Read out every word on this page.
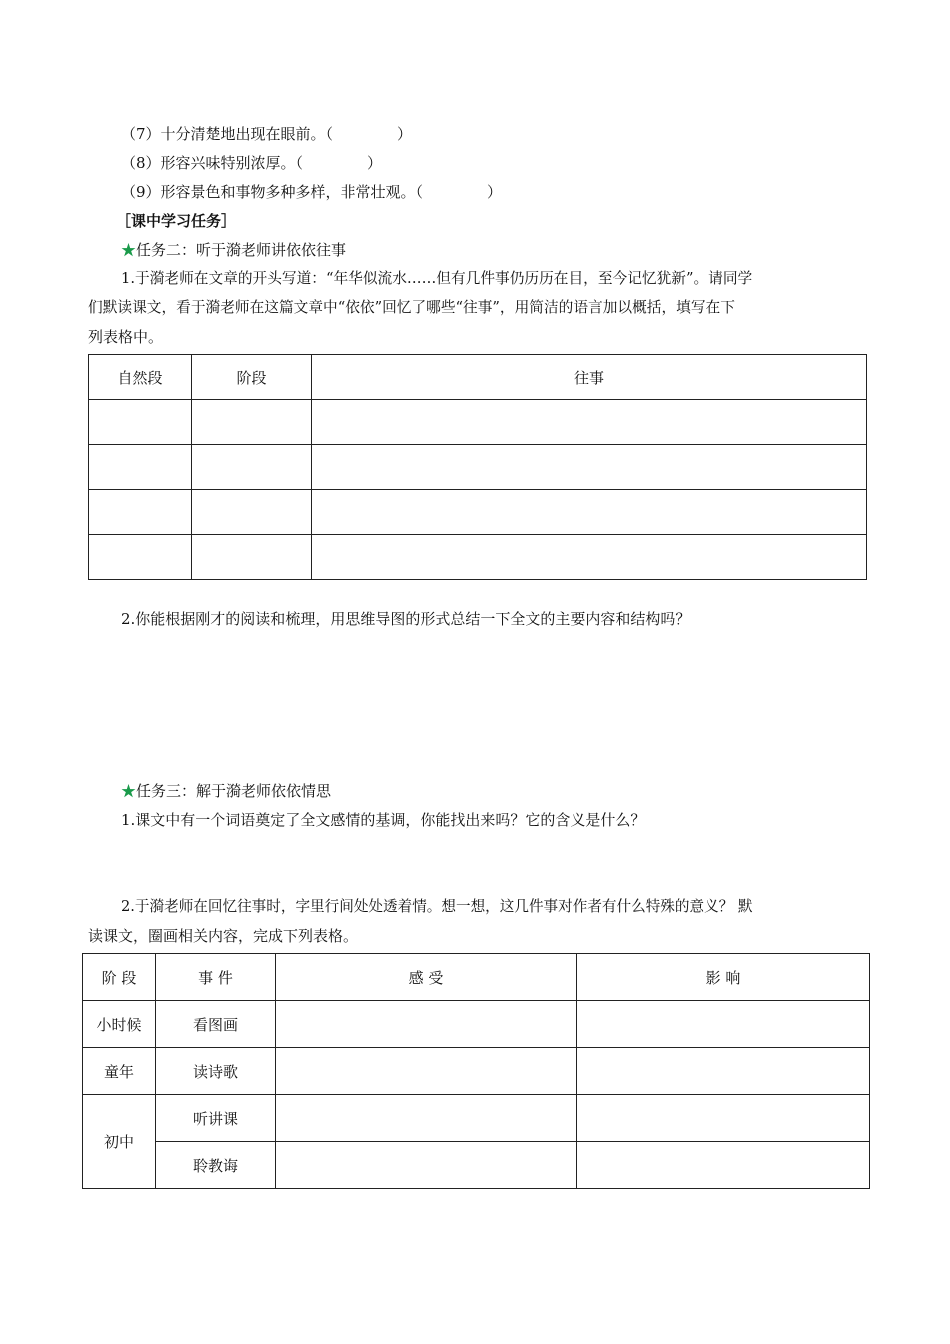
（7）十分清楚地出现在眼前。（	）
（8）形容兴味特别浓厚。（	）
（9）形容景色和事物多种多样，非常壮观。（	）
［课中学习任务］
★任务二：听于漪老师讲依依往事
1.于漪老师在文章的开头写道：“年华似流水……但有几件事仍历历在目，至今记忆犹新”。请同学
们默读课文，看于漪老师在这篇文章中“依依”回忆了哪些“往事”，用简洁的语言加以概括，填写在下
列表格中。
自然段	阶段	往事

2.你能根据刚才的阅读和梳理，用思维导图的形式总结一下全文的主要内容和结构吗？
★任务三：解于漪老师依依情思
1.课文中有一个词语奠定了全文感情的基调，你能找出来吗？它的含义是什么？
2.于漪老师在回忆往事时，字里行间处处透着情。想一想，这几件事对作者有什么特殊的意义？ 默
读课文，圈画相关内容，完成下列表格。
阶 段	事 件	感 受	影 响
小时候	看图画		
童年	读诗歌		
初中	听讲课		
	聆教诲		
